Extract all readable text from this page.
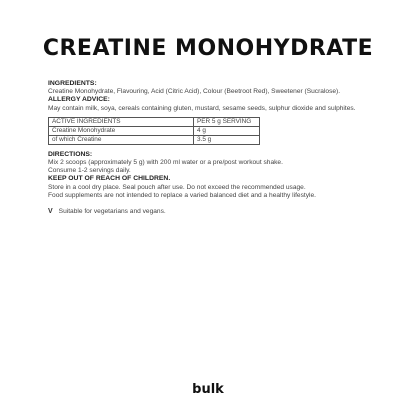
CREATINE MONOHYDRATE
INGREDIENTS:
Creatine Monohydrate, Flavouring, Acid (Citric Acid), Colour (Beetroot Red), Sweetener (Sucralose).
ALLERGY ADVICE:
May contain milk, soya, cereals containing gluten, mustard, sesame seeds, sulphur dioxide and sulphites.
ACTIVE INGREDIENTS	PER 5 g SERVING
Creatine Monohydrate	4 g
of which Creatine	3.5 g
DIRECTIONS:
Mix 2 scoops (approximately 5 g) with 200 ml water or a pre/post workout shake.
Consume 1-2 servings daily.
KEEP OUT OF REACH OF CHILDREN.
Store in a cool dry place. Seal pouch after use. Do not exceed the recommended usage.
Food supplements are not intended to replace a varied balanced diet and a healthy lifestyle.
V Suitable for vegetarians and vegans.
bulk
